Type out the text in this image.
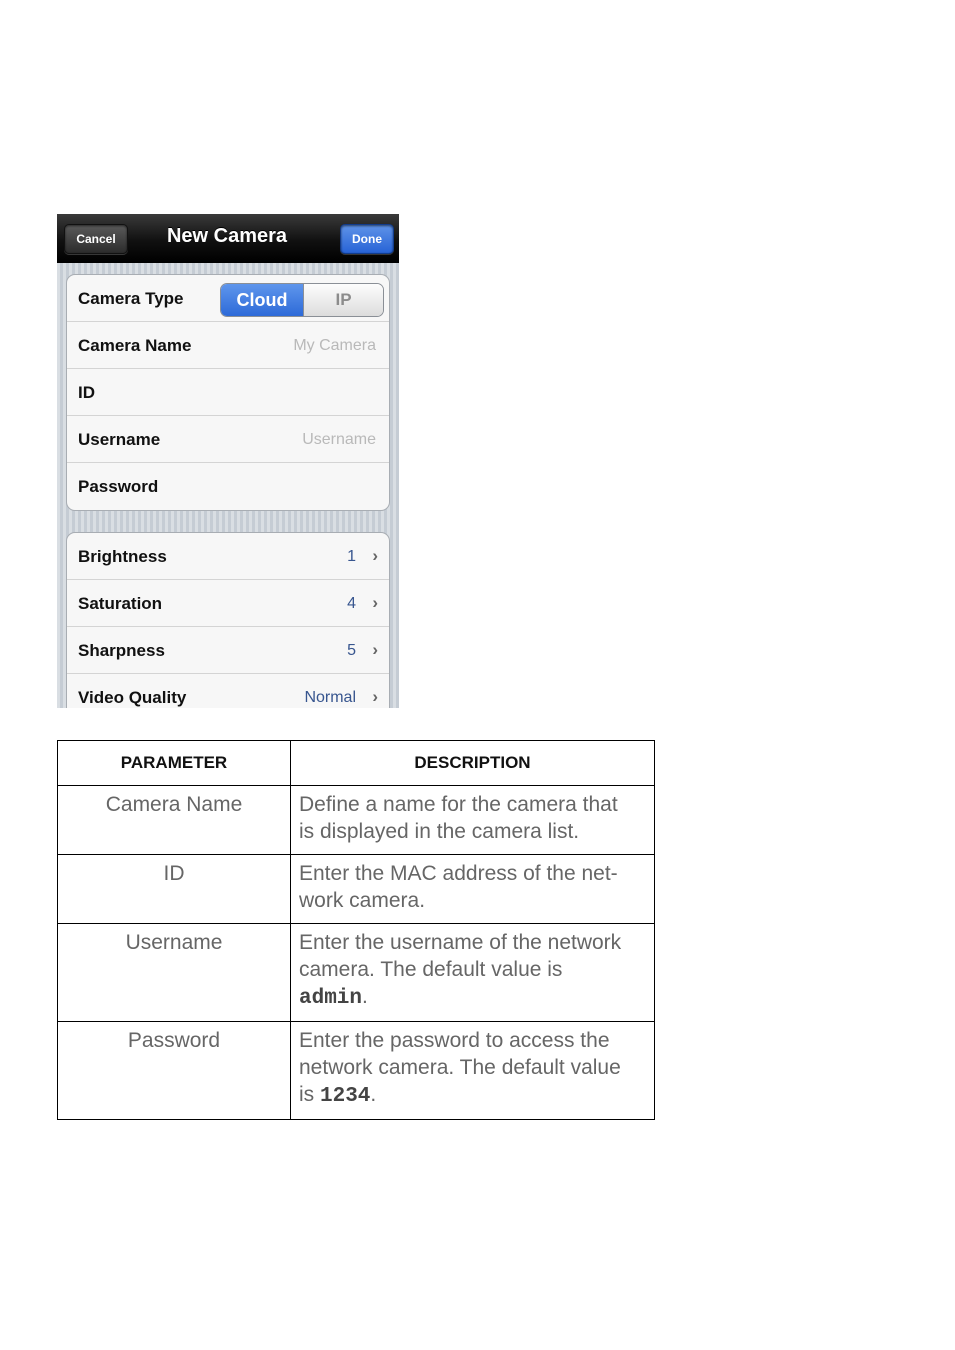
Cancel	New Camera	Done
Camera Type	Cloud	IP
Camera Name	My Camera
ID
Username	Username
Password
Brightness	1 ›
Saturation	4 ›
Sharpness	5 ›
Video Quality	Normal ›
PARAMETER	DESCRIPTION
Camera Name	Define a name for the camera that
is displayed in the camera list.
ID	Enter the MAC address of the net-
work camera.
Username	Enter the username of the network
camera. The default value is
admin.
Password	Enter the password to access the
network camera. The default value
is 1234.
